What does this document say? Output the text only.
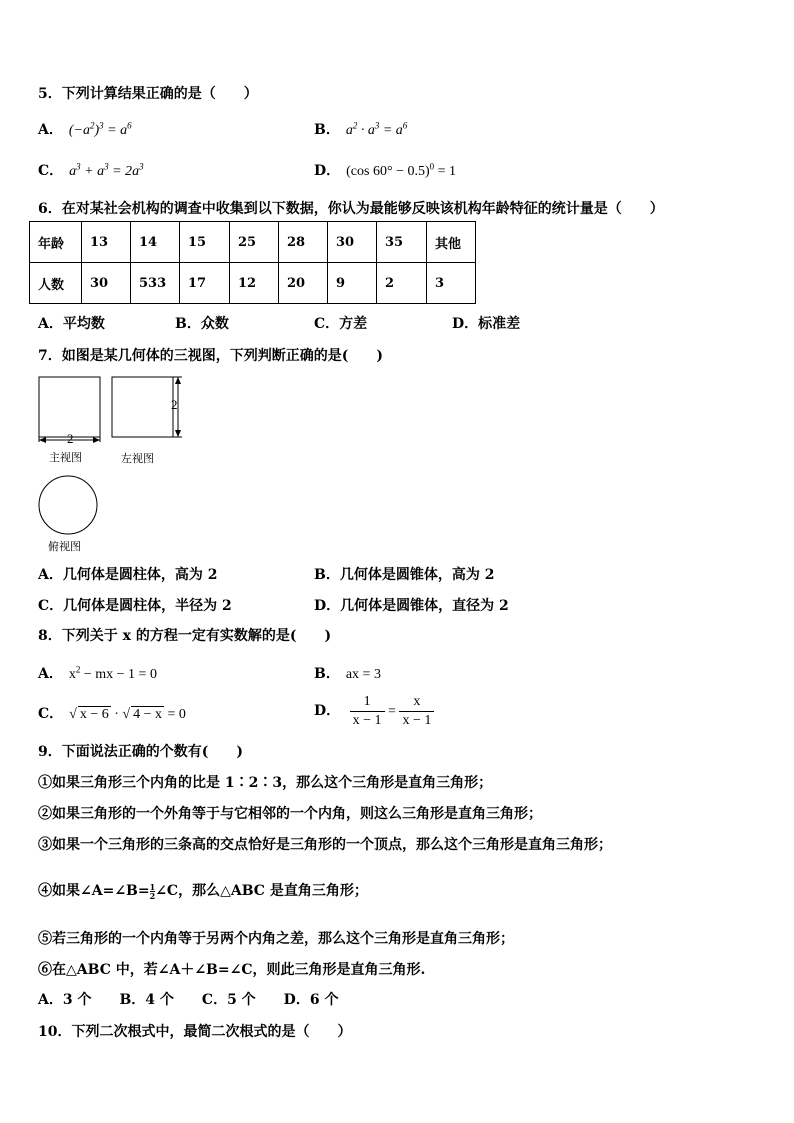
5．下列计算结果正确的是（　　）
A． $(-a^2)^3 = a^6$	B． $a^2 \cdot a^3 = a^6$
C． $a^3 + a^3 = 2a^3$	D． (cos 60° − 0.5)$^0$ = 1
6．在对某社会机构的调查中收集到以下数据，你认为最能够反映该机构年龄特征的统计量是（　　）
年龄	13	14	15	25	28	30	35	其他
人数	30	533	17	12	20	9	2	3
A．平均数	B．众数	C．方差	D．标准差
7．如图是某几何体的三视图，下列判断正确的是(　　)
2
2
主视图	左视图
俯视图
A．几何体是圆柱体，高为 2	B．几何体是圆锥体，高为 2
C．几何体是圆柱体，半径为 2	D．几何体是圆锥体，直径为 2
8．下列关于 x 的方程一定有实数解的是(　　)
A． $x^2$ − mx − 1 = 0	B． ax = 3
C． √ x − 6 · √ 4 − x = 0	D． $\frac{1}{x - 1} = \frac{x}{x - 1}$
9．下面说法正确的个数有(　　)
①如果三角形三个内角的比是 1∶2∶3，那么这个三角形是直角三角形；
②如果三角形的一个外角等于与它相邻的一个内角，则这么三角形是直角三角形；
③如果一个三角形的三条高的交点恰好是三角形的一个顶点，那么这个三角形是直角三角形；
④如果∠A=∠B= $\frac{1}{2}$ ∠C，那么△ABC 是直角三角形；
⑤若三角形的一个内角等于另两个内角之差，那么这个三角形是直角三角形；
⑥在△ABC 中，若∠A＋∠B=∠C，则此三角形是直角三角形.
A．3 个　　B．4 个　　C．5 个　　D．6 个
10．下列二次根式中，最简二次根式的是（　　）
